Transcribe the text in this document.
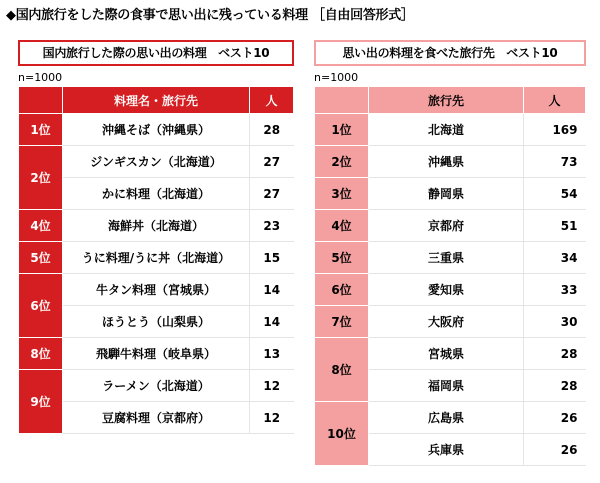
◆国内旅行をした際の食事で思い出に残っている料理 ［自由回答形式］
国内旅行した際の思い出の料理　ベスト10
n=1000
	料理名・旅行先	人
1位	沖縄そば（沖縄県）	28
2位	ジンギスカン（北海道）	27
	かに料理（北海道）	27
4位	海鮮丼（北海道）	23
5位	うに料理/うに丼（北海道）	15
6位	牛タン料理（宮城県）	14
	ほうとう（山梨県）	14
8位	飛騨牛料理（岐阜県）	13
9位	ラーメン（北海道）	12
	豆腐料理（京都府）	12
思い出の料理を食べた旅行先　ベスト10
n=1000
	旅行先	人
1位	北海道	169
2位	沖縄県	73
3位	静岡県	54
4位	京都府	51
5位	三重県	34
6位	愛知県	33
7位	大阪府	30
8位	宮城県	28
	福岡県	28
10位	広島県	26
	兵庫県	26
